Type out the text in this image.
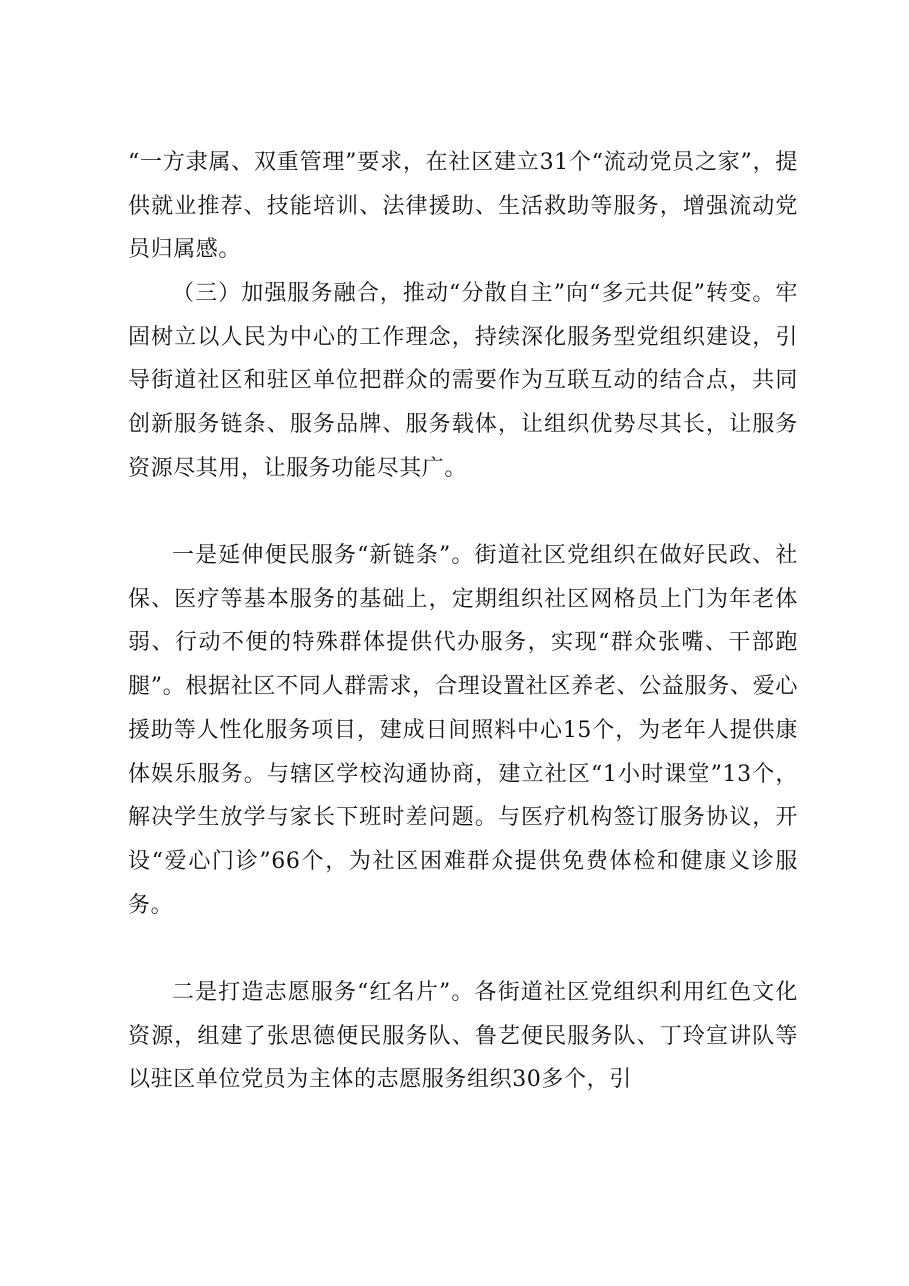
“一方隶属、双重管理”要求，在社区建立31个“流动党员之家”，提供就业推荐、技能培训、法律援助、生活救助等服务，增强流动党员归属感。

（三）加强服务融合，推动“分散自主”向“多元共促”转变。牢固树立以人民为中心的工作理念，持续深化服务型党组织建设，引导街道社区和驻区单位把群众的需要作为互联互动的结合点，共同创新服务链条、服务品牌、服务载体，让组织优势尽其长，让服务资源尽其用，让服务功能尽其广。

一是延伸便民服务“新链条”。街道社区党组织在做好民政、社保、医疗等基本服务的基础上，定期组织社区网格员上门为年老体弱、行动不便的特殊群体提供代办服务，实现“群众张嘴、干部跑腿”。根据社区不同人群需求，合理设置社区养老、公益服务、爱心援助等人性化服务项目，建成日间照料中心15个，为老年人提供康体娱乐服务。与辖区学校沟通协商，建立社区“1小时课堂”13个，解决学生放学与家长下班时差问题。与医疗机构签订服务协议，开设“爱心门诊”66个，为社区困难群众提供免费体检和健康义诊服务。

二是打造志愿服务“红名片”。各街道社区党组织利用红色文化资源，组建了张思德便民服务队、鲁艺便民服务队、丁玲宣讲队等以驻区单位党员为主体的志愿服务组织30多个，引
